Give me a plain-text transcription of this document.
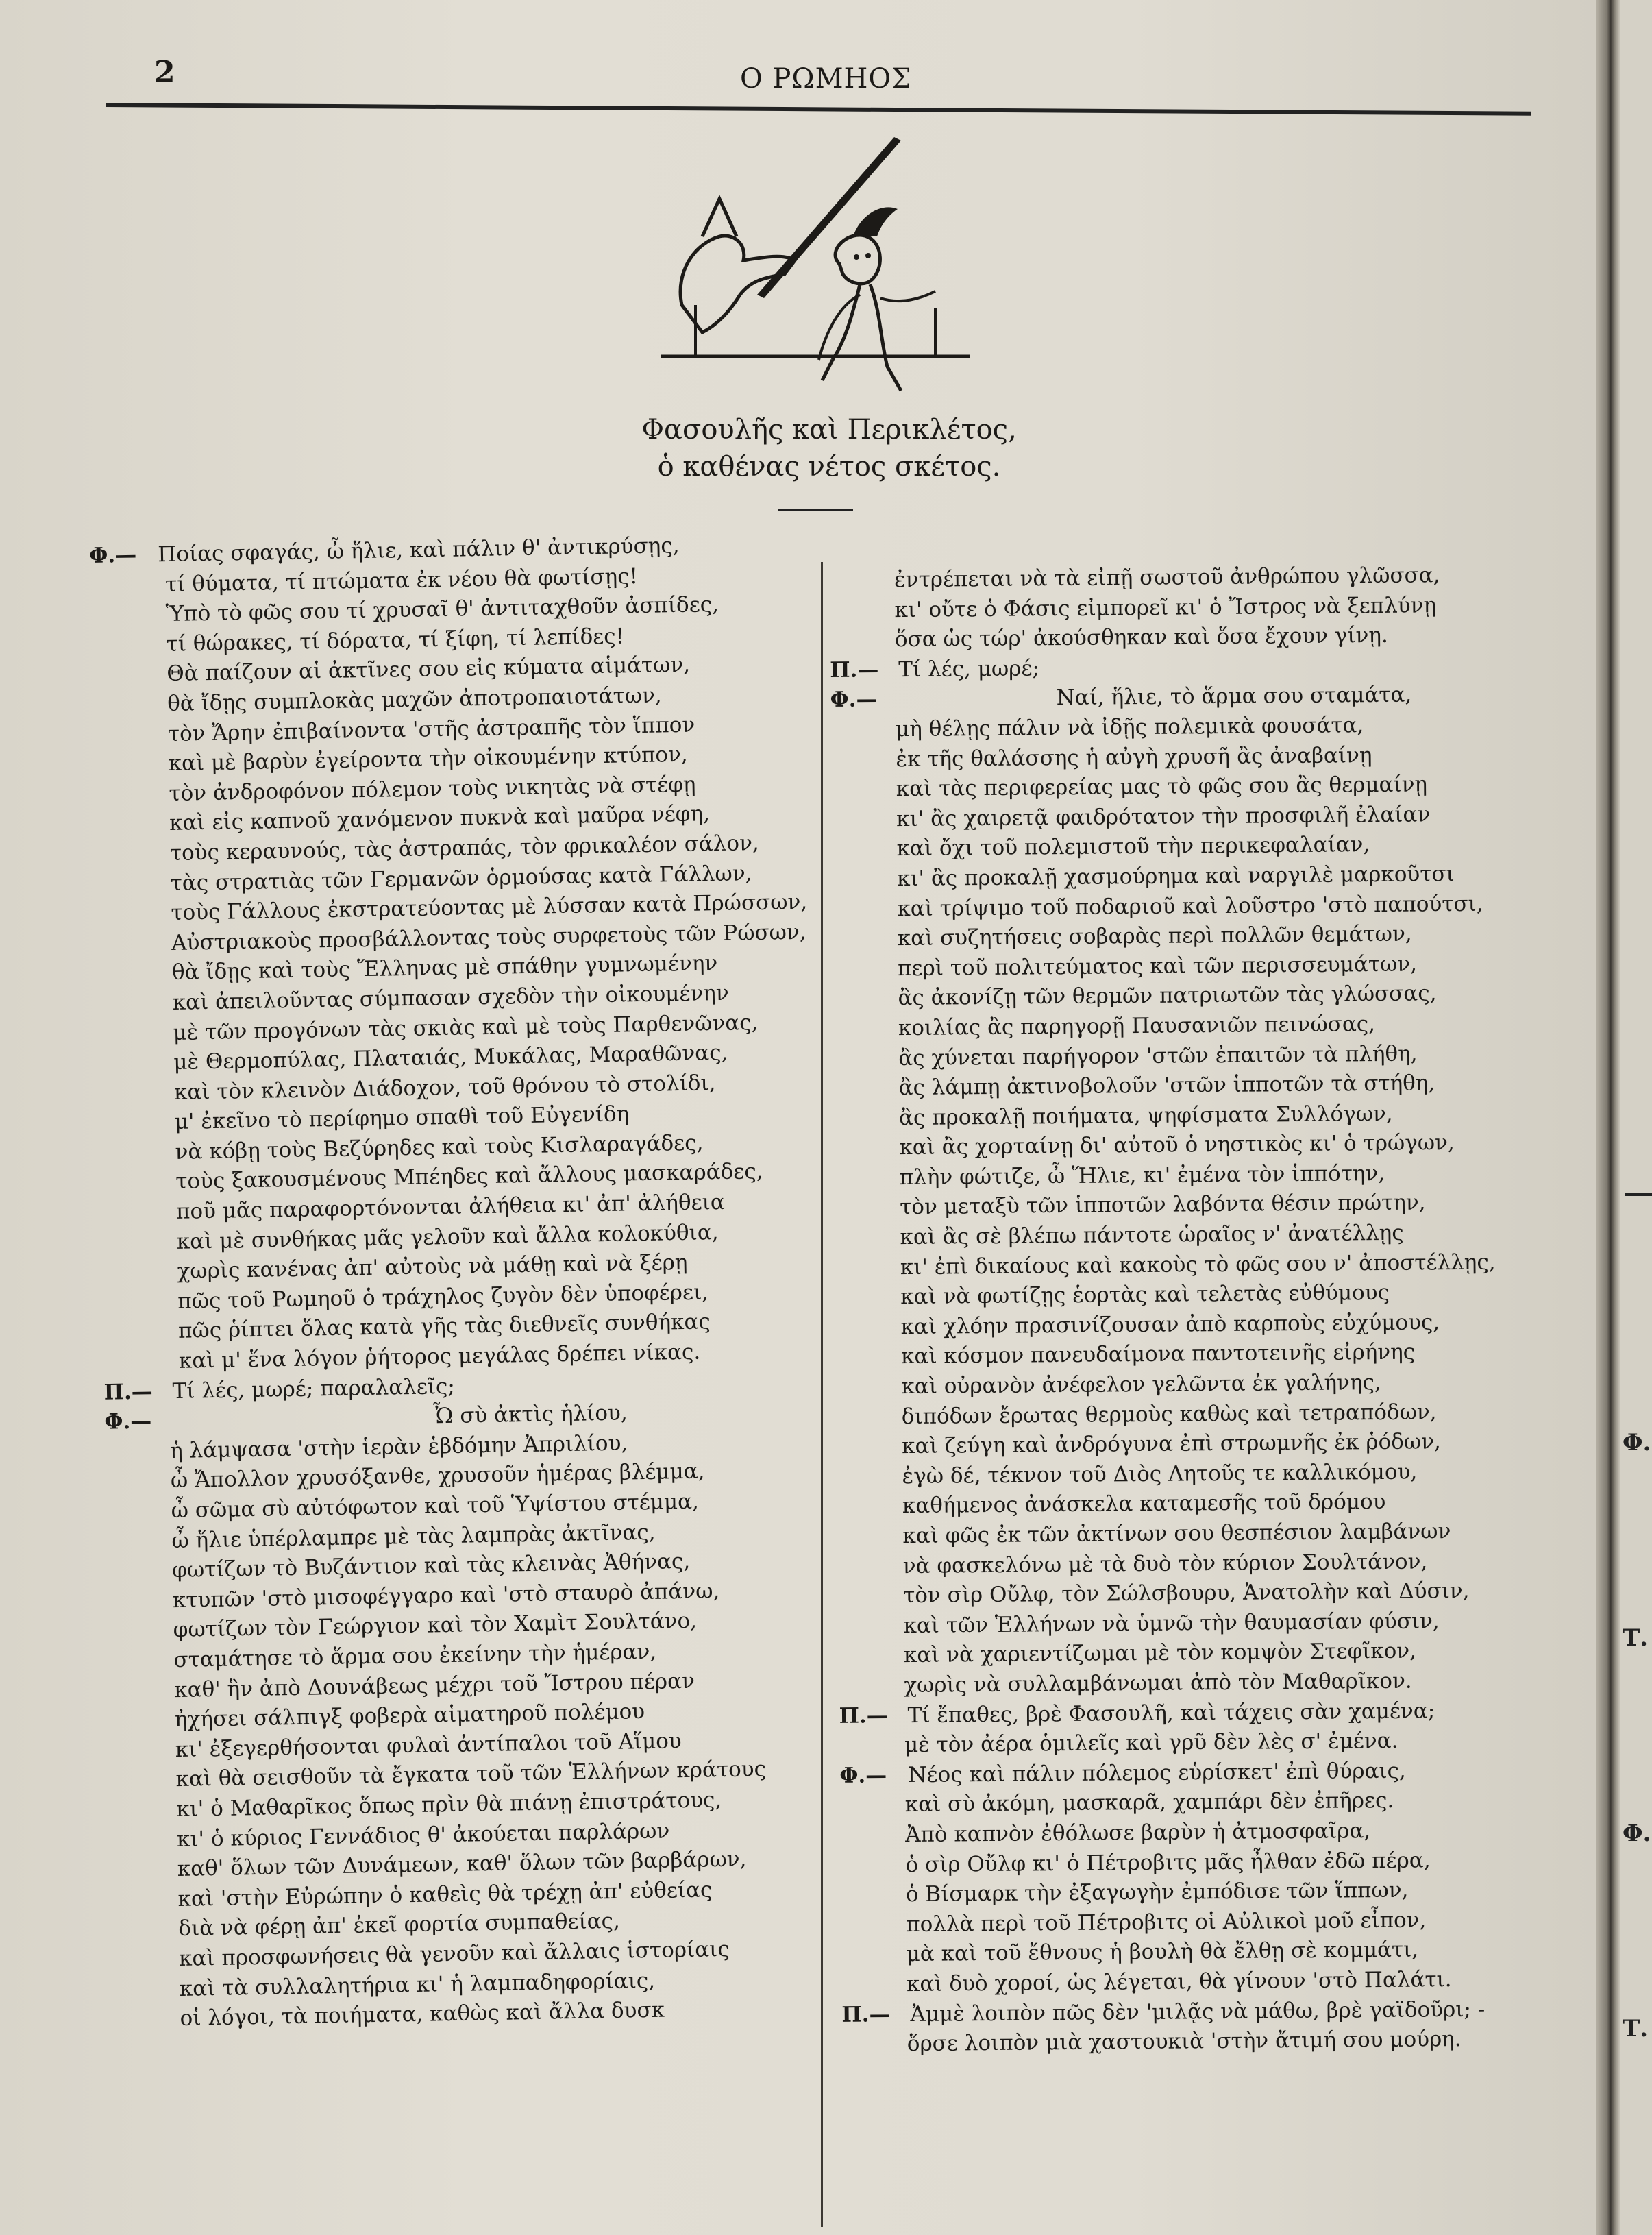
Φ.
Τ.
Φ.
Τ.
2	Ο ΡΩΜΗΟΣ
Φασουλῆς καὶ Περικλέτος,
ὁ καθένας νέτος σκέτος.
Φ.— Ποίας σφαγάς, ὦ ἥλιε, καὶ πάλιν θ' ἀντικρύσῃς,
τί θύματα, τί πτώματα ἐκ νέου θὰ φωτίσῃς!
Ὑπὸ τὸ φῶς σου τί χρυσαῖ θ' ἀντιταχθοῦν ἀσπίδες,
τί θώρακες, τί δόρατα, τί ξίφη, τί λεπίδες!
Θὰ παίζουν αἱ ἀκτῖνες σου εἰς κύματα αἱμάτων,
θὰ ἴδῃς συμπλοκὰς μαχῶν ἀποτροπαιοτάτων,
τὸν Ἄρην ἐπιβαίνοντα 'στῆς ἀστραπῆς τὸν ἵππον
καὶ μὲ βαρὺν ἐγείροντα τὴν οἰκουμένην κτύπον,
τὸν ἀνδροφόνον πόλεμον τοὺς νικητὰς νὰ στέφῃ
καὶ εἰς καπνοῦ χανόμενον πυκνὰ καὶ μαῦρα νέφη,
τοὺς κεραυνούς, τὰς ἀστραπάς, τὸν φρικαλέον σάλον,
τὰς στρατιὰς τῶν Γερμανῶν ὁρμούσας κατὰ Γάλλων,
τοὺς Γάλλους ἐκστρατεύοντας μὲ λύσσαν κατὰ Πρώσσων,
Αὐστριακοὺς προσβάλλοντας τοὺς συρφετοὺς τῶν Ρώσων,
θὰ ἴδῃς καὶ τοὺς Ἕλληνας μὲ σπάθην γυμνωμένην
καὶ ἀπειλοῦντας σύμπασαν σχεδὸν τὴν οἰκουμένην
μὲ τῶν προγόνων τὰς σκιὰς καὶ μὲ τοὺς Παρθενῶνας,
μὲ Θερμοπύλας, Πλαταιάς, Μυκάλας, Μαραθῶνας,
καὶ τὸν κλεινὸν Διάδοχον, τοῦ θρόνου τὸ στολίδι,
μ' ἐκεῖνο τὸ περίφημο σπαθὶ τοῦ Εὐγενίδη
νὰ κόβῃ τοὺς Βεζύρηδες καὶ τοὺς Κισλαραγάδες,
τοὺς ξακουσμένους Μπέηδες καὶ ἄλλους μασκαράδες,
ποῦ μᾶς παραφορτόνονται ἀλήθεια κι' ἀπ' ἀλήθεια
καὶ μὲ συνθήκας μᾶς γελοῦν καὶ ἄλλα κολοκύθια,
χωρὶς κανένας ἀπ' αὐτοὺς νὰ μάθῃ καὶ νὰ ξέρῃ
πῶς τοῦ Ρωμηοῦ ὁ τράχηλος ζυγὸν δὲν ὑποφέρει,
πῶς ῥίπτει ὅλας κατὰ γῆς τὰς διεθνεῖς συνθήκας
καὶ μ' ἕνα λόγον ῥήτορος μεγάλας δρέπει νίκας.
Π.— Τί λές, μωρέ; παραλαλεῖς;
Φ.—	Ὦ σὺ ἀκτὶς ἡλίου,
ἡ λάμψασα 'στὴν ἱερὰν ἑβδόμην Ἀπριλίου,
ὦ Ἄπολλον χρυσόξανθε, χρυσοῦν ἡμέρας βλέμμα,
ὦ σῶμα σὺ αὐτόφωτον καὶ τοῦ Ὑψίστου στέμμα,
ὦ ἥλιε ὑπέρλαμπρε μὲ τὰς λαμπρὰς ἀκτῖνας,
φωτίζων τὸ Βυζάντιον καὶ τὰς κλεινὰς Ἀθήνας,
κτυπῶν 'στὸ μισοφέγγαρο καὶ 'στὸ σταυρὸ ἀπάνω,
φωτίζων τὸν Γεώργιον καὶ τὸν Χαμὶτ Σουλτάνο,
σταμάτησε τὸ ἅρμα σου ἐκείνην τὴν ἡμέραν,
καθ' ἣν ἀπὸ Δουνάβεως μέχρι τοῦ Ἴστρου πέραν
ἠχήσει σάλπιγξ φοβερὰ αἱματηροῦ πολέμου
κι' ἐξεγερθήσονται φυλαὶ ἀντίπαλοι τοῦ Αἵμου
καὶ θὰ σεισθοῦν τὰ ἔγκατα τοῦ τῶν Ἑλλήνων κράτους
κι' ὁ Μαθαρῖκος ὅπως πρὶν θὰ πιάνῃ ἐπιστράτους,
κι' ὁ κύριος Γεννάδιος θ' ἀκούεται παρλάρων
καθ' ὅλων τῶν Δυνάμεων, καθ' ὅλων τῶν βαρβάρων,
καὶ 'στὴν Εὐρώπην ὁ καθεὶς θὰ τρέχῃ ἀπ' εὐθείας
διὰ νὰ φέρῃ ἀπ' ἐκεῖ φορτία συμπαθείας,
καὶ προσφωνήσεις θὰ γενοῦν καὶ ἄλλαις ἱστορίαις
καὶ τὰ συλλαλητήρια κι' ἡ λαμπαδηφορίαις,
οἱ λόγοι, τὰ ποιήματα, καθὼς καὶ ἄλλα δυσκ
ἐντρέπεται νὰ τὰ εἰπῇ σωστοῦ ἀνθρώπου γλῶσσα,
κι' οὔτε ὁ Φάσις εἰμπορεῖ κι' ὁ Ἴστρος νὰ ξεπλύνῃ
ὅσα ὡς τώρ' ἀκούσθηκαν καὶ ὅσα ἔχουν γίνῃ.
Π.— Τί λές, μωρέ;
Φ.—	Ναί, ἥλιε, τὸ ἅρμα σου σταμάτα,
μὴ θέλῃς πάλιν νὰ ἰδῇς πολεμικὰ φουσάτα,
ἐκ τῆς θαλάσσης ἡ αὐγὴ χρυσῆ ἂς ἀναβαίνῃ
καὶ τὰς περιφερείας μας τὸ φῶς σου ἂς θερμαίνῃ
κι' ἂς χαιρετᾷ φαιδρότατον τὴν προσφιλῆ ἐλαίαν
καὶ ὄχι τοῦ πολεμιστοῦ τὴν περικεφαλαίαν,
κι' ἂς προκαλῇ χασμούρημα καὶ ναργιλὲ μαρκοῦτσι
καὶ τρίψιμο τοῦ ποδαριοῦ καὶ λοῦστρο 'στὸ παπούτσι,
καὶ συζητήσεις σοβαρὰς περὶ πολλῶν θεμάτων,
περὶ τοῦ πολιτεύματος καὶ τῶν περισσευμάτων,
ἂς ἀκονίζῃ τῶν θερμῶν πατριωτῶν τὰς γλώσσας,
κοιλίας ἂς παρηγορῇ Παυσανιῶν πεινώσας,
ἂς χύνεται παρήγορον 'στῶν ἐπαιτῶν τὰ πλήθη,
ἂς λάμπῃ ἀκτινοβολοῦν 'στῶν ἱπποτῶν τὰ στήθη,
ἂς προκαλῇ ποιήματα, ψηφίσματα Συλλόγων,
καὶ ἂς χορταίνῃ δι' αὐτοῦ ὁ νηστικὸς κι' ὁ τρώγων,
πλὴν φώτιζε, ὦ Ἥλιε, κι' ἐμένα τὸν ἱππότην,
τὸν μεταξὺ τῶν ἱπποτῶν λαβόντα θέσιν πρώτην,
καὶ ἂς σὲ βλέπω πάντοτε ὡραῖος ν' ἀνατέλλῃς
κι' ἐπὶ δικαίους καὶ κακοὺς τὸ φῶς σου ν' ἀποστέλλῃς,
καὶ νὰ φωτίζῃς ἑορτὰς καὶ τελετὰς εὐθύμους
καὶ χλόην πρασινίζουσαν ἀπὸ καρποὺς εὐχύμους,
καὶ κόσμον πανευδαίμονα παντοτεινῆς εἰρήνης
καὶ οὐρανὸν ἀνέφελον γελῶντα ἐκ γαλήνης,
διπόδων ἔρωτας θερμοὺς καθὼς καὶ τετραπόδων,
καὶ ζεύγη καὶ ἀνδρόγυνα ἐπὶ στρωμνῆς ἐκ ῥόδων,
ἐγὼ δέ, τέκνον τοῦ Διὸς Λητοῦς τε καλλικόμου,
καθήμενος ἀνάσκελα καταμεσῆς τοῦ δρόμου
καὶ φῶς ἐκ τῶν ἀκτίνων σου θεσπέσιον λαμβάνων
νὰ φασκελόνω μὲ τὰ δυὸ τὸν κύριον Σουλτάνον,
τὸν σὶρ Οὔλφ, τὸν Σώλσβουρυ, Ἀνατολὴν καὶ Δύσιν,
καὶ τῶν Ἑλλήνων νὰ ὑμνῶ τὴν θαυμασίαν φύσιν,
καὶ νὰ χαριεντίζωμαι μὲ τὸν κομψὸν Στεφῖκον,
χωρὶς νὰ συλλαμβάνωμαι ἀπὸ τὸν Μαθαρῖκον.
Π.— Τί ἔπαθες, βρὲ Φασουλῆ, καὶ τάχεις σὰν χαμένα;
μὲ τὸν ἀέρα ὁμιλεῖς καὶ γρῦ δὲν λὲς σ' ἐμένα.
Φ.— Νέος καὶ πάλιν πόλεμος εὑρίσκετ' ἐπὶ θύραις,
καὶ σὺ ἀκόμη, μασκαρᾶ, χαμπάρι δὲν ἐπῆρες.
Ἀπὸ καπνὸν ἐθόλωσε βαρὺν ἡ ἀτμοσφαῖρα,
ὁ σὶρ Οὔλφ κι' ὁ Πέτροβιτς μᾶς ἦλθαν ἐδῶ πέρα,
ὁ Βίσμαρκ τὴν ἐξαγωγὴν ἐμπόδισε τῶν ἵππων,
πολλὰ περὶ τοῦ Πέτροβιτς οἱ Αὐλικοὶ μοῦ εἶπον,
μὰ καὶ τοῦ ἔθνους ἡ βουλὴ θὰ ἔλθῃ σὲ κομμάτι,
καὶ δυὸ χοροί, ὡς λέγεται, θὰ γίνουν 'στὸ Παλάτι.
Π.— Ἀμμὲ λοιπὸν πῶς δὲν 'μιλᾷς νὰ μάθω, βρὲ γαϊδοῦρι; -
ὅρσε λοιπὸν μιὰ χαστουκιὰ 'στὴν ἄτιμή σου μούρη.
